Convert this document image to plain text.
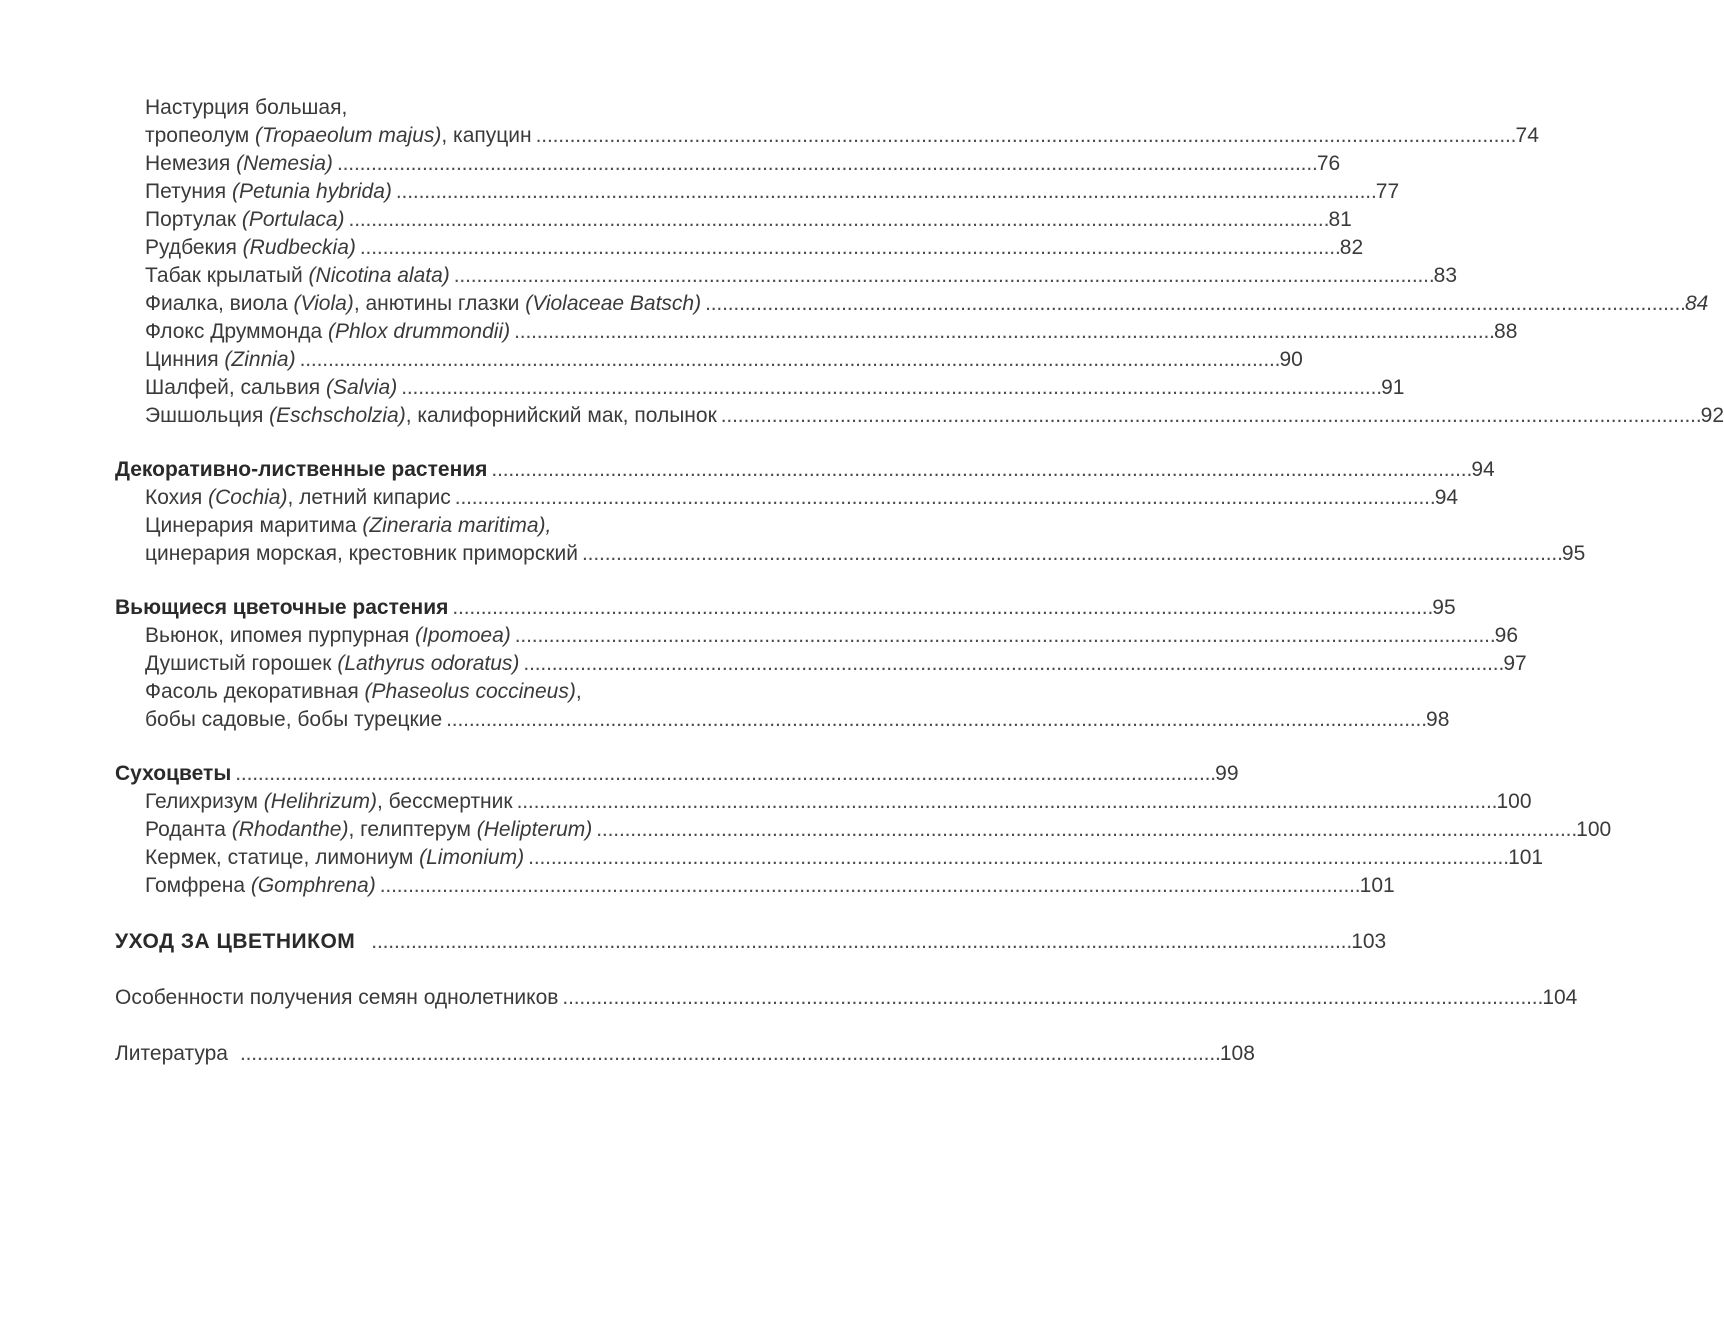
Настурция большая,
тропеолум (Tropaeolum majus), капуцин . . .	74
Немезия (Nemesia) . . .	76
Петуния (Petunia hybrida) . . .	77
Портулак (Portulaca) . . .	81
Рудбекия (Rudbeckia) . . .	82
Табак крылатый (Nicotina alata) . . .	83
Фиалка, виола (Viola), анютины глазки (Violaceae Batsch) . . .	84
Флокс Друммонда (Phlox drummondii) . . .	88
Цинния (Zinnia) . . .	90
Шалфей, сальвия (Salvia) . . .	91
Эшшольция (Eschscholzia), калифорнийский мак, полынок . . .	92
Декоративно-лиственные растения . . .	94
Кохия (Cochia), летний кипарис . . .	94
Цинерария маритима (Zineraria maritima),
цинерария морская, крестовник приморский . . .	95
Вьющиеся цветочные растения . . .	95
Вьюнок, ипомея пурпурная (Ipomoea) . . .	96
Душистый горошек (Lathyrus odoratus) . . .	97
Фасоль декоративная (Phaseolus coccineus),
бобы садовые, бобы турецкие . . .	98
Сухоцветы . . .	99
Гелихризум (Helihrizum), бессмертник . . .	100
Роданта (Rhodanthe), гелиптерум (Helipterum) . . .	100
Кермек, статице, лимониум (Limonium) . . .	101
Гомфрена (Gomphrena) . . .	101
УХОД ЗА ЦВЕТНИКОМ . . .	103
Особенности получения семян однолетников . . .	104
Литература . . .	108
